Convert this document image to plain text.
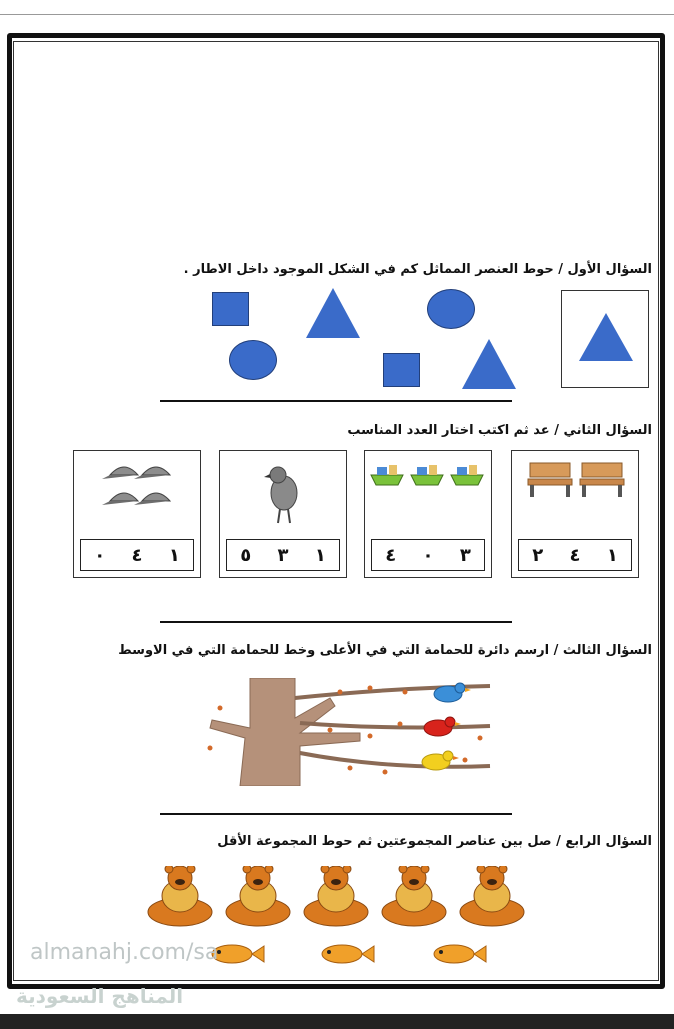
السؤال الأول / حوط العنصر المماثل كم في الشكل الموجود داخل الاطار .
السؤال الثاني / عد ثم اكتب اختار العدد المناسب
١
٤
٢
٣
٠
٤
١
٣
٥
١
٤
٠
السؤال الثالث / ارسم دائرة للحمامة التي في الأعلى وخط للحمامة التي في الاوسط
السؤال الرابع / صل بين عناصر المجموعتين ثم حوط المجموعة الأقل
almanahj.com/sa
المناهج السعودية
